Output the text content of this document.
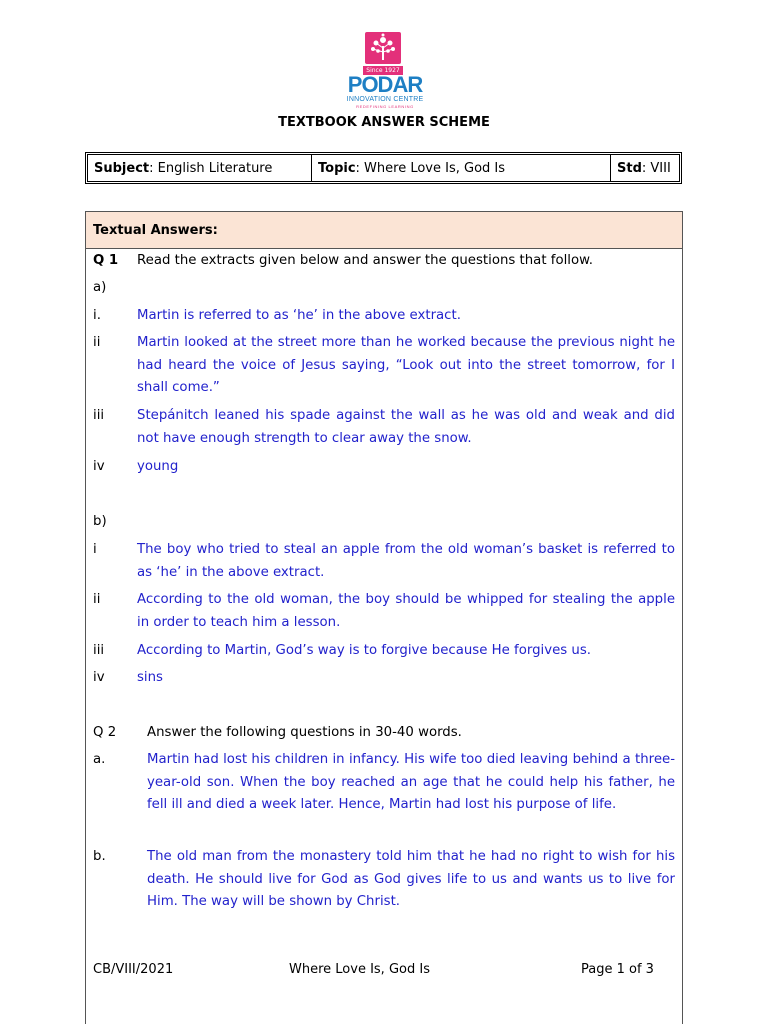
Since 1927
PODAR
INNOVATION CENTRE
REDEFINING LEARNING
TEXTBOOK ANSWER SCHEME
Subject : English Literature	Topic : Where Love Is, God Is	Std : VIII
Textual Answers:
Q 1	Read the extracts given below and answer the questions that follow.
a)
i.	Martin is referred to as ‘he’ in the above extract.
ii	Martin looked at the street more than he worked because the previous night he had heard the voice of Jesus saying, “Look out into the street tomorrow, for I shall come.”
iii	Stepánitch leaned his spade against the wall as he was old and weak and did not have enough strength to clear away the snow.
iv	young
b)
i	The boy who tried to steal an apple from the old woman’s basket is referred to as ‘he’ in the above extract.
ii	According to the old woman, the boy should be whipped for stealing the apple in order to teach him a lesson.
iii	According to Martin, God’s way is to forgive because He forgives us.
iv	sins
Q 2	Answer the following questions in 30-40 words.
a.	Martin had lost his children in infancy. His wife too died leaving behind a three-year-old son. When the boy reached an age that he could help his father, he fell ill and died a week later. Hence, Martin had lost his purpose of life.
b.	The old man from the monastery told him that he had no right to wish for his death. He should live for God as God gives life to us and wants us to live for Him. The way will be shown by Christ.
CB/VIII/2021	Where Love Is, God Is	Page 1 of 3
